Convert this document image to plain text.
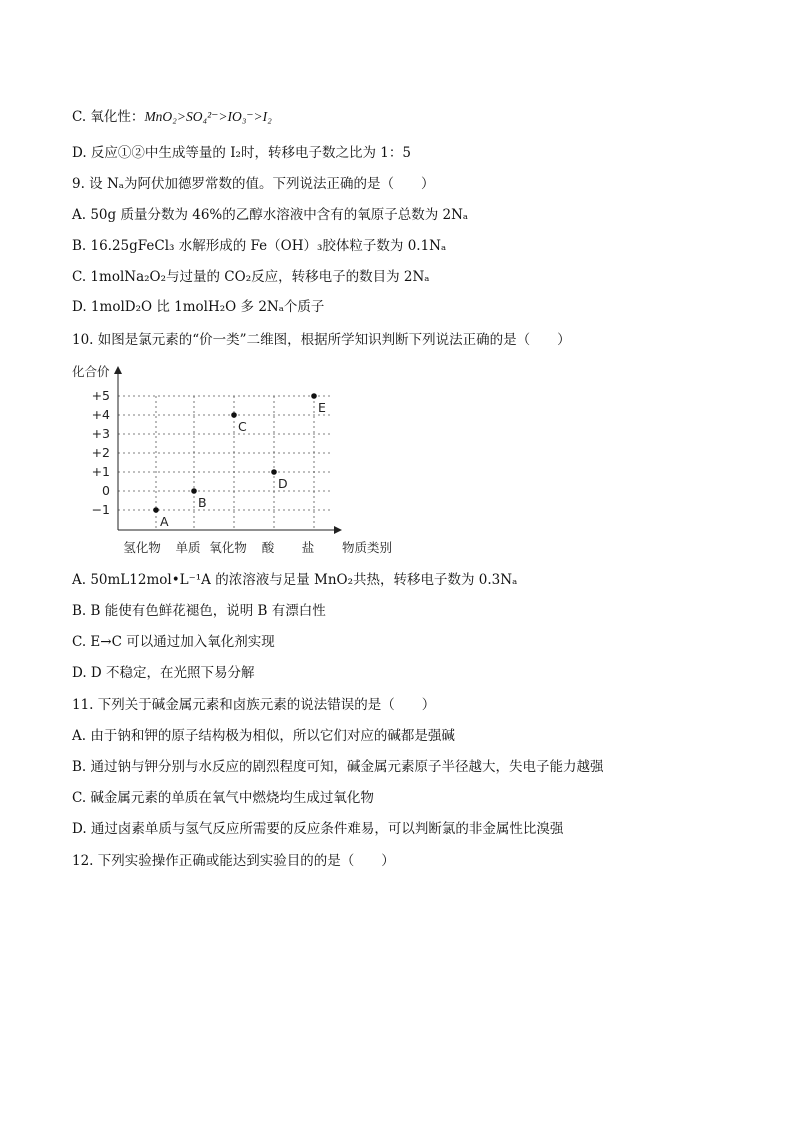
C. 氧化性：MnO₂>SO₄²⁻>IO₃⁻>I₂
D. 反应①②中生成等量的 I₂时，转移电子数之比为 1：5
9. 设 Nₐ为阿伏加德罗常数的值。下列说法正确的是（　　）
A. 50g 质量分数为 46%的乙醇水溶液中含有的氧原子总数为 2Nₐ
B. 16.25gFeCl₃ 水解形成的 Fe（OH）₃胶体粒子数为 0.1Nₐ
C. 1molNa₂O₂与过量的 CO₂反应，转移电子的数目为 2Nₐ
D. 1molD₂O 比 1molH₂O 多 2Nₐ个质子
10. 如图是氯元素的“价一类”二维图，根据所学知识判断下列说法正确的是（　　）
化合价
+5
+4
+3
+2
+1
0
−1
氢化物 单质 氧化物 酸 盐 物质类别
A
B
C
D
E
A. 50mL12mol•L⁻¹A 的浓溶液与足量 MnO₂共热，转移电子数为 0.3Nₐ
B. B 能使有色鲜花褪色，说明 B 有漂白性
C. E→C 可以通过加入氧化剂实现
D. D 不稳定，在光照下易分解
11. 下列关于碱金属元素和卤族元素的说法错误的是（　　）
A. 由于钠和钾的原子结构极为相似，所以它们对应的碱都是强碱
B. 通过钠与钾分别与水反应的剧烈程度可知，碱金属元素原子半径越大，失电子能力越强
C. 碱金属元素的单质在氧气中燃烧均生成过氧化物
D. 通过卤素单质与氢气反应所需要的反应条件难易，可以判断氯的非金属性比溴强
12. 下列实验操作正确或能达到实验目的的是（　　）
